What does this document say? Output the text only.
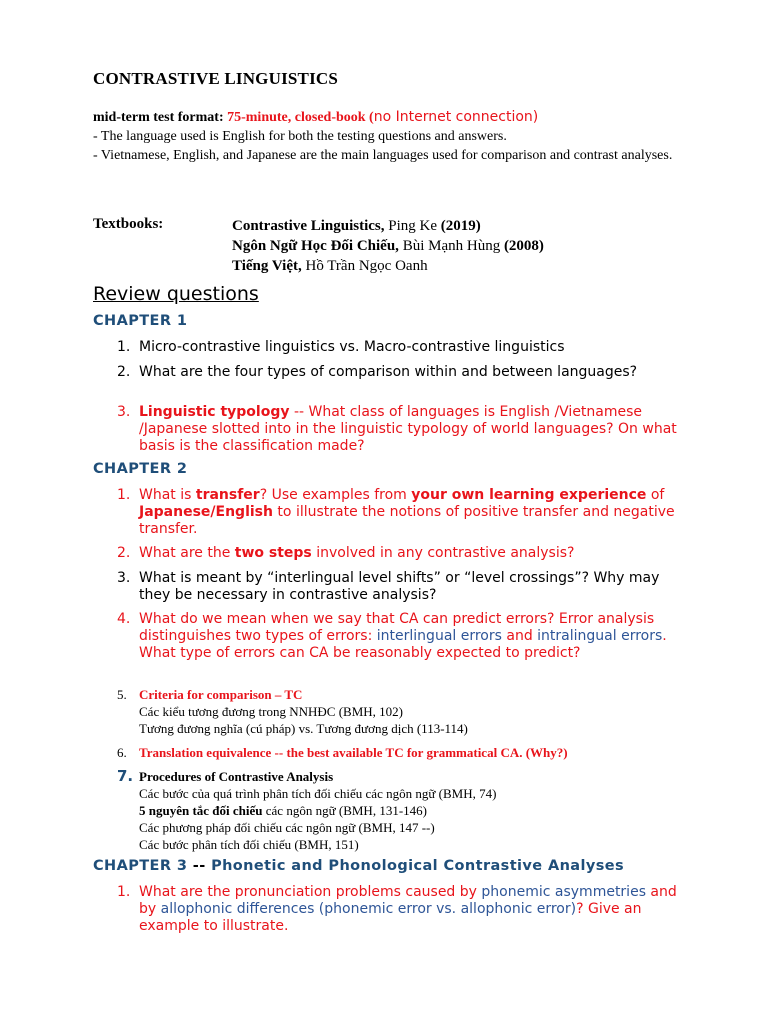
CONTRASTIVE LINGUISTICS
mid-term test format: 75-minute, closed-book (no Internet connection)
- The language used is English for both the testing questions and answers.
- Vietnamese, English, and Japanese are the main languages used for comparison and contrast analyses.
Textbooks:	Contrastive Linguistics, Ping Ke (2019)
Ngôn Ngữ Học Đối Chiếu, Bùi Mạnh Hùng (2008)
Tiếng Việt, Hồ Trần Ngọc Oanh
Review questions
CHAPTER 1
1. Micro-contrastive linguistics vs. Macro-contrastive linguistics
2. What are the four types of comparison within and between languages?
3. Linguistic typology -- What class of languages is English /Vietnamese /Japanese slotted into in the linguistic typology of world languages? On what basis is the classification made?
CHAPTER 2
1. What is transfer? Use examples from your own learning experience of Japanese/English to illustrate the notions of positive transfer and negative transfer.
2. What are the two steps involved in any contrastive analysis?
3. What is meant by “interlingual level shifts” or “level crossings”? Why may they be necessary in contrastive analysis?
4. What do we mean when we say that CA can predict errors? Error analysis distinguishes two types of errors: interlingual errors and intralingual errors. What type of errors can CA be reasonably expected to predict?
5. Criteria for comparison – TC
Các kiểu tương đương trong NNHĐC (BMH, 102)
Tương đương nghĩa (cú pháp) vs. Tương đương dịch (113-114)
6. Translation equivalence -- the best available TC for grammatical CA. (Why?)
7. Procedures of Contrastive Analysis
Các bước của quá trình phân tích đối chiếu các ngôn ngữ (BMH, 74)
5 nguyên tắc đối chiếu các ngôn ngữ (BMH, 131-146)
Các phương pháp đối chiếu các ngôn ngữ (BMH, 147 --)
Các bước phân tích đối chiếu (BMH, 151)
CHAPTER 3 -- Phonetic and Phonological Contrastive Analyses
1. What are the pronunciation problems caused by phonemic asymmetries and by allophonic differences (phonemic error vs. allophonic error)? Give an example to illustrate.
